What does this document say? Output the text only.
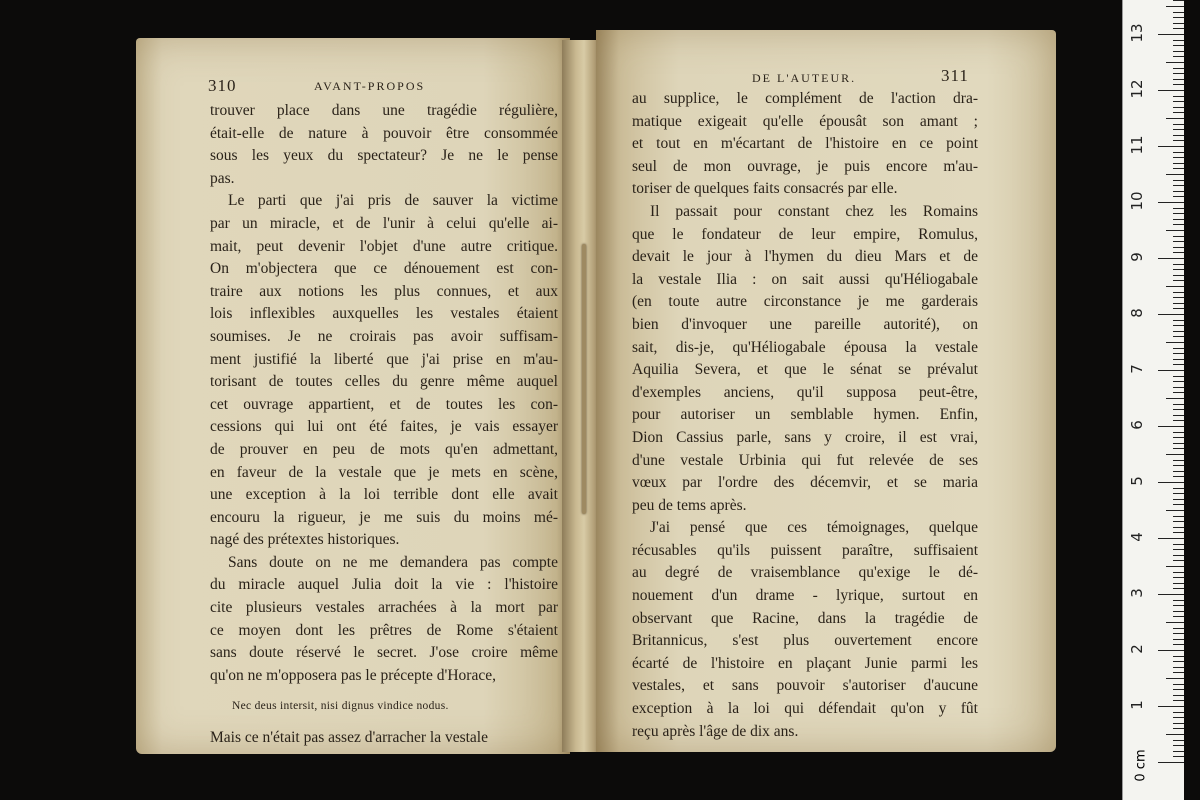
310	AVANT-PROPOS
trouver place dans une tragédie régulière,
était-elle de nature à pouvoir être consommée
sous les yeux du spectateur? Je ne le pense
pas.
Le parti que j'ai pris de sauver la victime
par un miracle, et de l'unir à celui qu'elle ai-
mait, peut devenir l'objet d'une autre critique.
On m'objectera que ce dénouement est con-
traire aux notions les plus connues, et aux
lois inflexibles auxquelles les vestales étaient
soumises. Je ne croirais pas avoir suffisam-
ment justifié la liberté que j'ai prise en m'au-
torisant de toutes celles du genre même auquel
cet ouvrage appartient, et de toutes les con-
cessions qui lui ont été faites, je vais essayer
de prouver en peu de mots qu'en admettant,
en faveur de la vestale que je mets en scène,
une exception à la loi terrible dont elle avait
encouru la rigueur, je me suis du moins mé-
nagé des prétextes historiques.
Sans doute on ne me demandera pas compte
du miracle auquel Julia doit la vie : l'histoire
cite plusieurs vestales arrachées à la mort par
ce moyen dont les prêtres de Rome s'étaient
sans doute réservé le secret. J'ose croire même
qu'on ne m'opposera pas le précepte d'Horace,
Nec deus intersit, nisi dignus vindice nodus.
Mais ce n'était pas assez d'arracher la vestale
DE L'AUTEUR.	311
au supplice, le complément de l'action dra-
matique exigeait qu'elle épousât son amant ;
et tout en m'écartant de l'histoire en ce point
seul de mon ouvrage, je puis encore m'au-
toriser de quelques faits consacrés par elle.
Il passait pour constant chez les Romains
que le fondateur de leur empire, Romulus,
devait le jour à l'hymen du dieu Mars et de
la vestale Ilia : on sait aussi qu'Héliogabale
(en toute autre circonstance je me garderais
bien d'invoquer une pareille autorité), on
sait, dis-je, qu'Héliogabale épousa la vestale
Aquilia Severa, et que le sénat se prévalut
d'exemples anciens, qu'il supposa peut-être,
pour autoriser un semblable hymen. Enfin,
Dion Cassius parle, sans y croire, il est vrai,
d'une vestale Urbinia qui fut relevée de ses
vœux par l'ordre des décemvir, et se maria
peu de tems après.
J'ai pensé que ces témoignages, quelque
récusables qu'ils puissent paraître, suffisaient
au degré de vraisemblance qu'exige le dé-
nouement d'un drame - lyrique, surtout en
observant que Racine, dans la tragédie de
Britannicus, s'est plus ouvertement encore
écarté de l'histoire en plaçant Junie parmi les
vestales, et sans pouvoir s'autoriser d'aucune
exception à la loi qui défendait qu'on y fût
reçu après l'âge de dix ans.
0 cm
1
2
3
4
5
6
7
8
9
10
11
12
13
